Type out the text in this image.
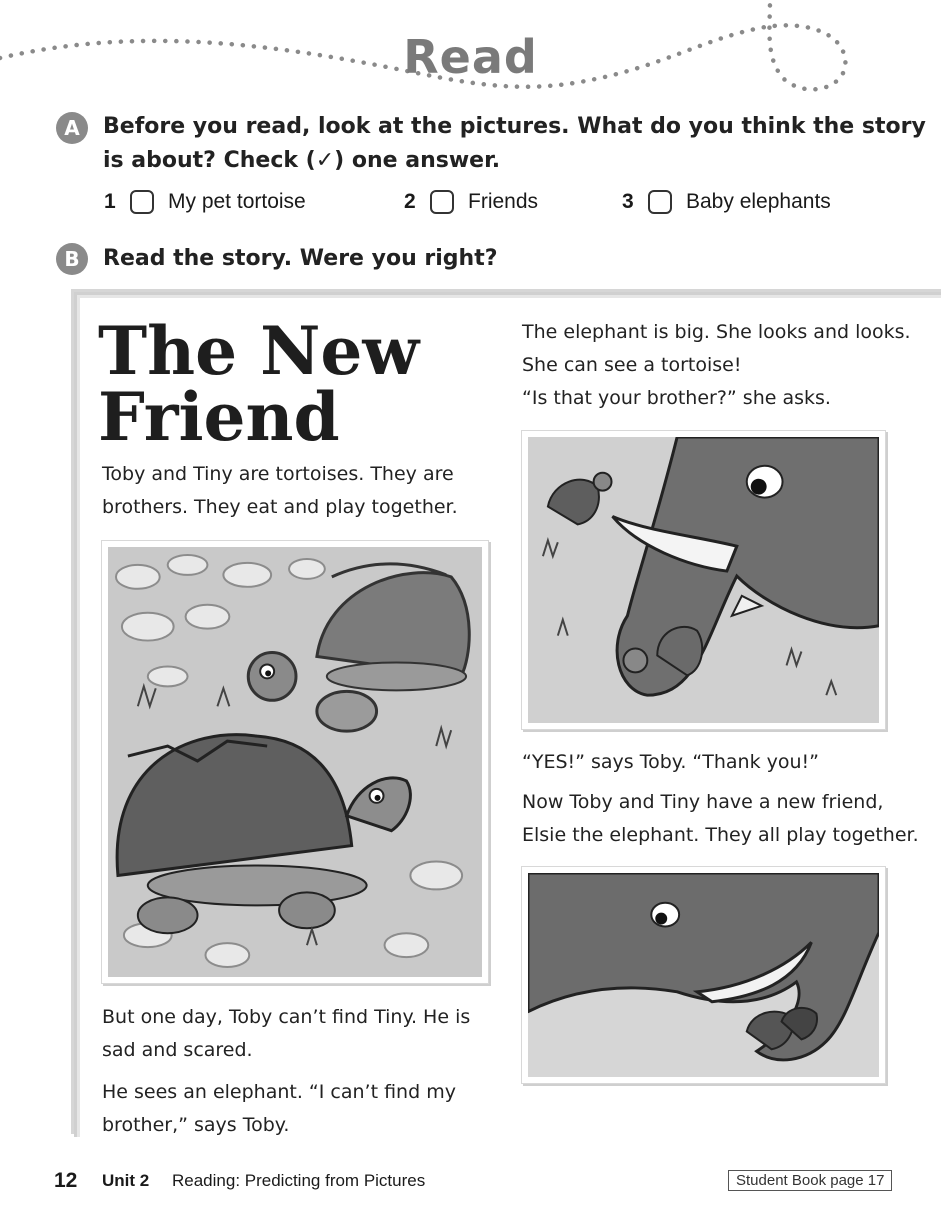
Read
A	Before you read, look at the pictures. What do you think the story
is about? Check (✓) one answer.
1	My pet tortoise	2	Friends	3	Baby elephants
B	Read the story. Were you right?
The New
Friend
Toby and Tiny are tortoises. They are
brothers. They eat and play together.
But one day, Toby can’t find Tiny. He is
sad and scared.
He sees an elephant. “I can’t find my
brother,” says Toby.
The elephant is big. She looks and looks.
She can see a tortoise!
“Is that your brother?” she asks.
“YES!” says Toby. “Thank you!”
Now Toby and Tiny have a new friend,
Elsie the elephant. They all play together.
12 Unit 2 Reading: Predicting from Pictures	Student Book page 17
